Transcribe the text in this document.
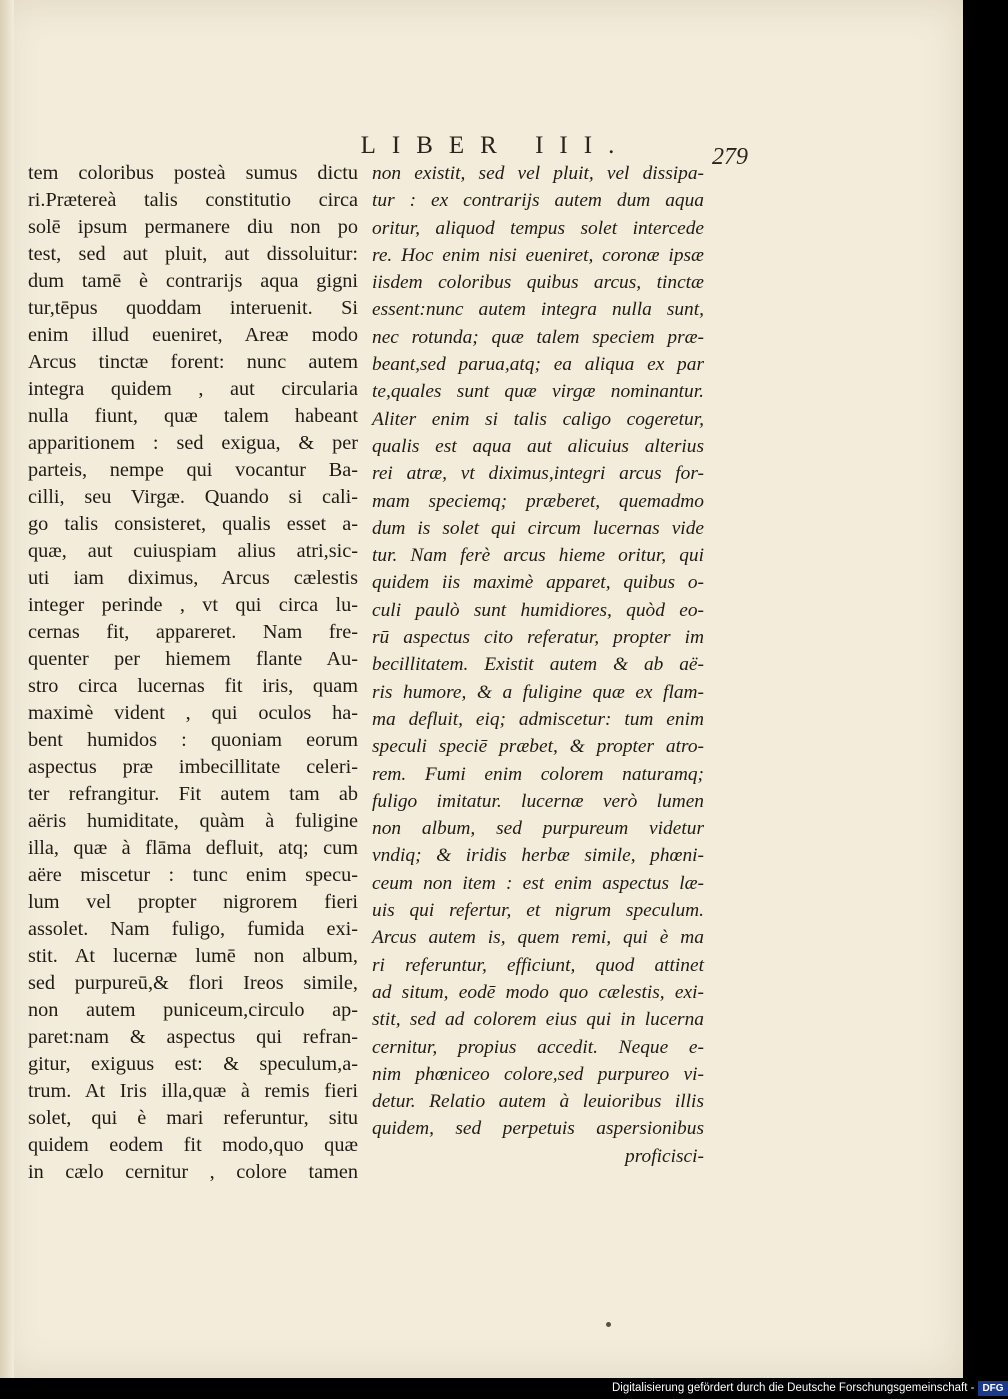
LIBER III.	279
tem coloribus posteà sumus dictu
ri.Prætereà talis constitutio circa
solē ipsum permanere diu non po
test, sed aut pluit, aut dissoluitur:
dum tamē è contrarijs aqua gigni
tur,tēpus quoddam interuenit. Si
enim illud eueniret, Areæ modo
Arcus tinctæ forent: nunc autem
integra quidem , aut circularia
nulla fiunt, quæ talem habeant
apparitionem : sed exigua, & per
parteis, nempe qui vocantur Ba-
cilli, seu Virgæ. Quando si cali-
go talis consisteret, qualis esset a-
quæ, aut cuiuspiam alius atri,sic-
uti iam diximus, Arcus cælestis
integer perinde , vt qui circa lu-
cernas fit, appareret. Nam fre-
quenter per hiemem flante Au-
stro circa lucernas fit iris, quam
maximè vident , qui oculos ha-
bent humidos : quoniam eorum
aspectus præ imbecillitate celeri-
ter refrangitur. Fit autem tam ab
aëris humiditate, quàm à fuligine
illa, quæ à flāma defluit, atq; cum
aëre miscetur : tunc enim specu-
lum vel propter nigrorem fieri
assolet. Nam fuligo, fumida exi-
stit. At lucernæ lumē non album,
sed purpureū,& flori Ireos simile,
non autem puniceum,circulo ap-
paret:nam & aspectus qui refran-
gitur, exiguus est: & speculum,a-
trum. At Iris illa,quæ à remis fieri
solet, qui è mari referuntur, situ
quidem eodem fit modo,quo quæ
in cælo cernitur , colore tamen
non existit, sed vel pluit, vel dissipa-
tur : ex contrarijs autem dum aqua
oritur, aliquod tempus solet intercede
re. Hoc enim nisi eueniret, coronæ ipsæ
iisdem coloribus quibus arcus, tinctæ
essent:nunc autem integra nulla sunt,
nec rotunda; quæ talem speciem præ-
beant,sed parua,atq; ea aliqua ex par
te,quales sunt quæ virgæ nominantur.
Aliter enim si talis caligo cogeretur,
qualis est aqua aut alicuius alterius
rei atræ, vt diximus,integri arcus for-
mam speciemq; præberet, quemadmo
dum is solet qui circum lucernas vide
tur. Nam ferè arcus hieme oritur, qui
quidem iis maximè apparet, quibus o-
culi paulò sunt humidiores, quòd eo-
rū aspectus cito referatur, propter im
becillitatem. Existit autem & ab aë-
ris humore, & a fuligine quæ ex flam-
ma defluit, eiq; admiscetur: tum enim
speculi speciē præbet, & propter atro-
rem. Fumi enim colorem naturamq;
fuligo imitatur. lucernæ verò lumen
non album, sed purpureum videtur
vndiq; & iridis herbæ simile, phœni-
ceum non item : est enim aspectus læ-
uis qui refertur, et nigrum speculum.
Arcus autem is, quem remi, qui è ma
ri referuntur, efficiunt, quod attinet
ad situm, eodē modo quo cælestis, exi-
stit, sed ad colorem eius qui in lucerna
cernitur, propius accedit. Neque e-
nim phœniceo colore,sed purpureo vi-
detur. Relatio autem à leuioribus illis
quidem, sed perpetuis aspersionibus
proficisci-
Digitalisierung gefördert durch die Deutsche Forschungsgemeinschaft - DFG
